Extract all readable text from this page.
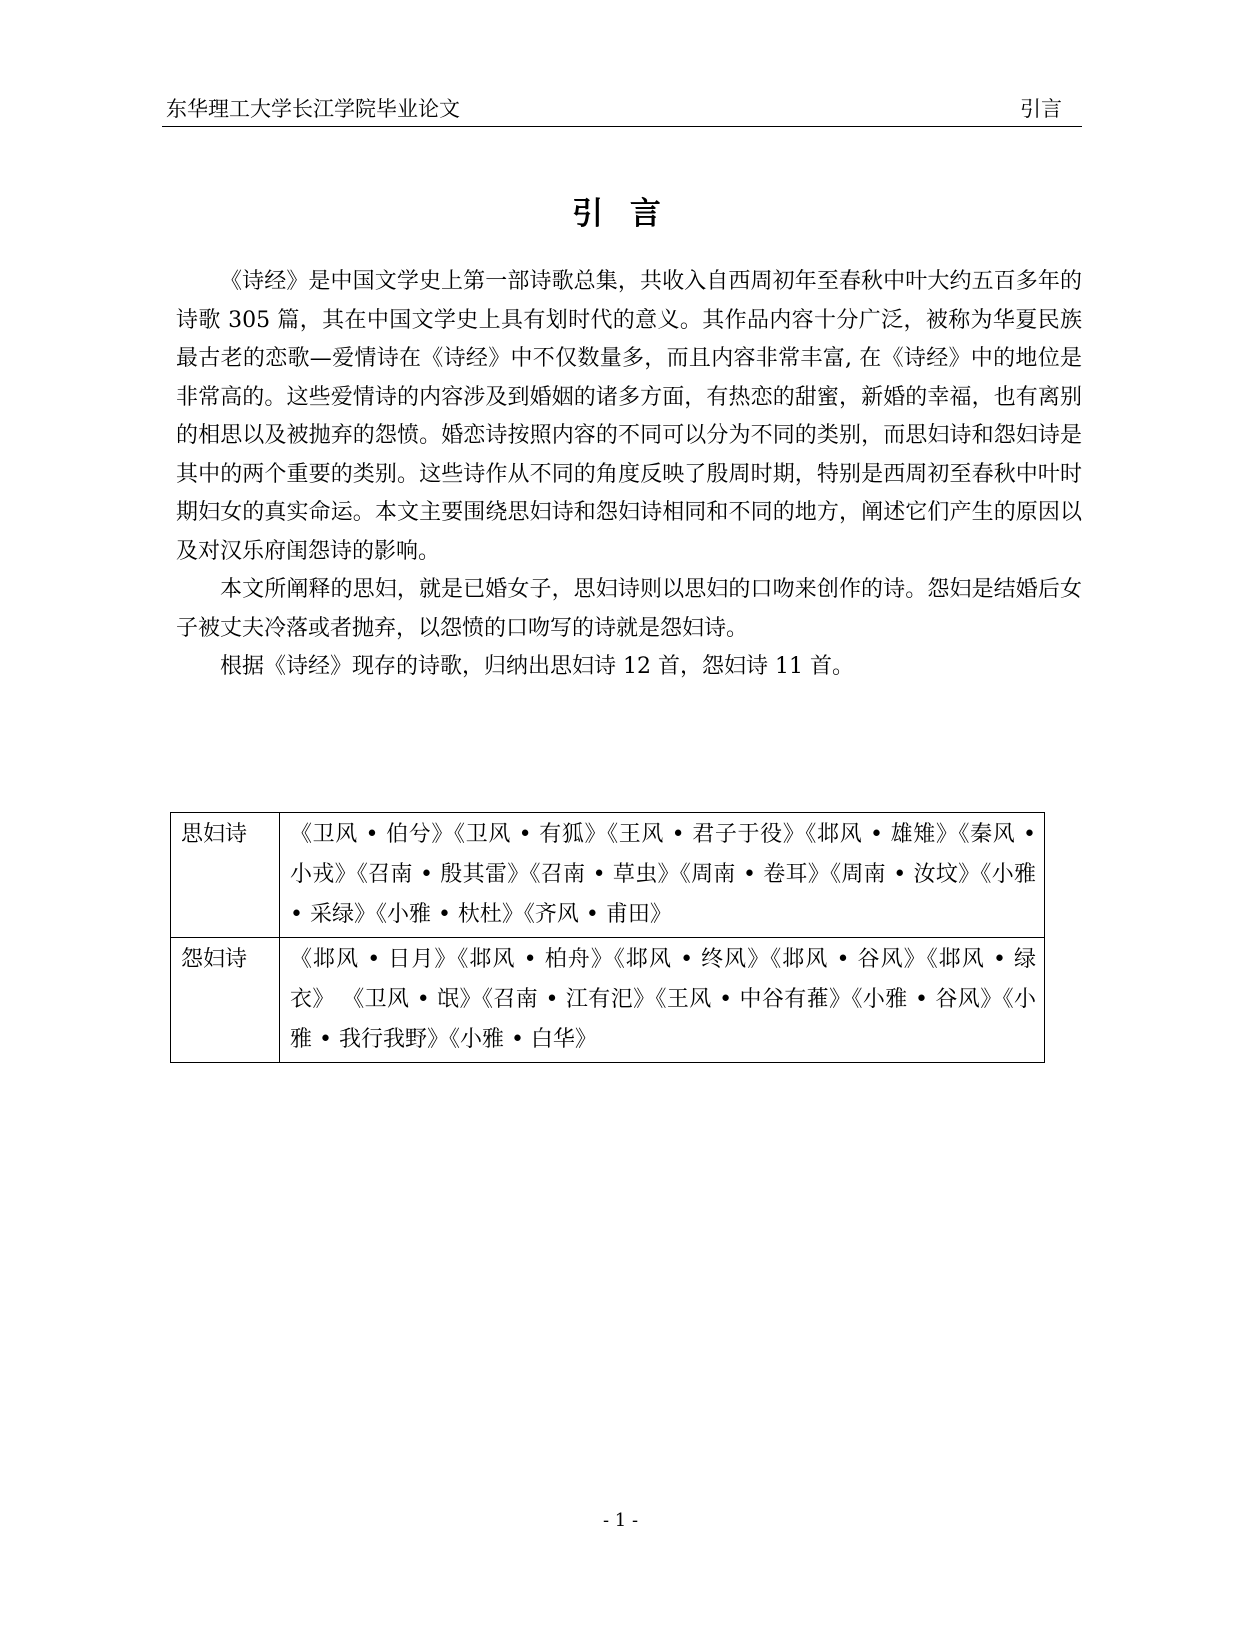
东华理工大学长江学院毕业论文	引言
引 言

《诗经》是中国文学史上第一部诗歌总集，共收入自西周初年至春秋中叶大约五百多年的诗歌 305 篇，其在中国文学史上具有划时代的意义。其作品内容十分广泛，被称为华夏民族最古老的恋歌—爱情诗在《诗经》中不仅数量多，而且内容非常丰富, 在《诗经》中的地位是非常高的。这些爱情诗的内容涉及到婚姻的诸多方面，有热恋的甜蜜，新婚的幸福，也有离别的相思以及被抛弃的怨愤。婚恋诗按照内容的不同可以分为不同的类别，而思妇诗和怨妇诗是其中的两个重要的类别。这些诗作从不同的角度反映了殷周时期，特别是西周初至春秋中叶时期妇女的真实命运。本文主要围绕思妇诗和怨妇诗相同和不同的地方，阐述它们产生的原因以及对汉乐府闺怨诗的影响。

本文所阐释的思妇，就是已婚女子，思妇诗则以思妇的口吻来创作的诗。怨妇是结婚后女子被丈夫冷落或者抛弃，以怨愤的口吻写的诗就是怨妇诗。

根据《诗经》现存的诗歌，归纳出思妇诗 12 首，怨妇诗 11 首。

思妇诗	《卫风 • 伯兮》《卫风 • 有狐》《王风 • 君子于役》《邶风 • 雄雉》《秦风 • 小戎》《召南 • 殷其雷》《召南 • 草虫》《周南 • 卷耳》《周南 • 汝坟》《小雅 • 采绿》《小雅 • 杕杜》《齐风 • 甫田》
怨妇诗	《邶风 • 日月》《邶风 • 柏舟》《邶风 • 终风》《邶风 • 谷风》《邶风 • 绿衣》 《卫风 • 氓》《召南 • 江有汜》《王风 • 中谷有蓷》《小雅 • 谷风》《小雅 • 我行我野》《小雅 • 白华》
- 1 -
